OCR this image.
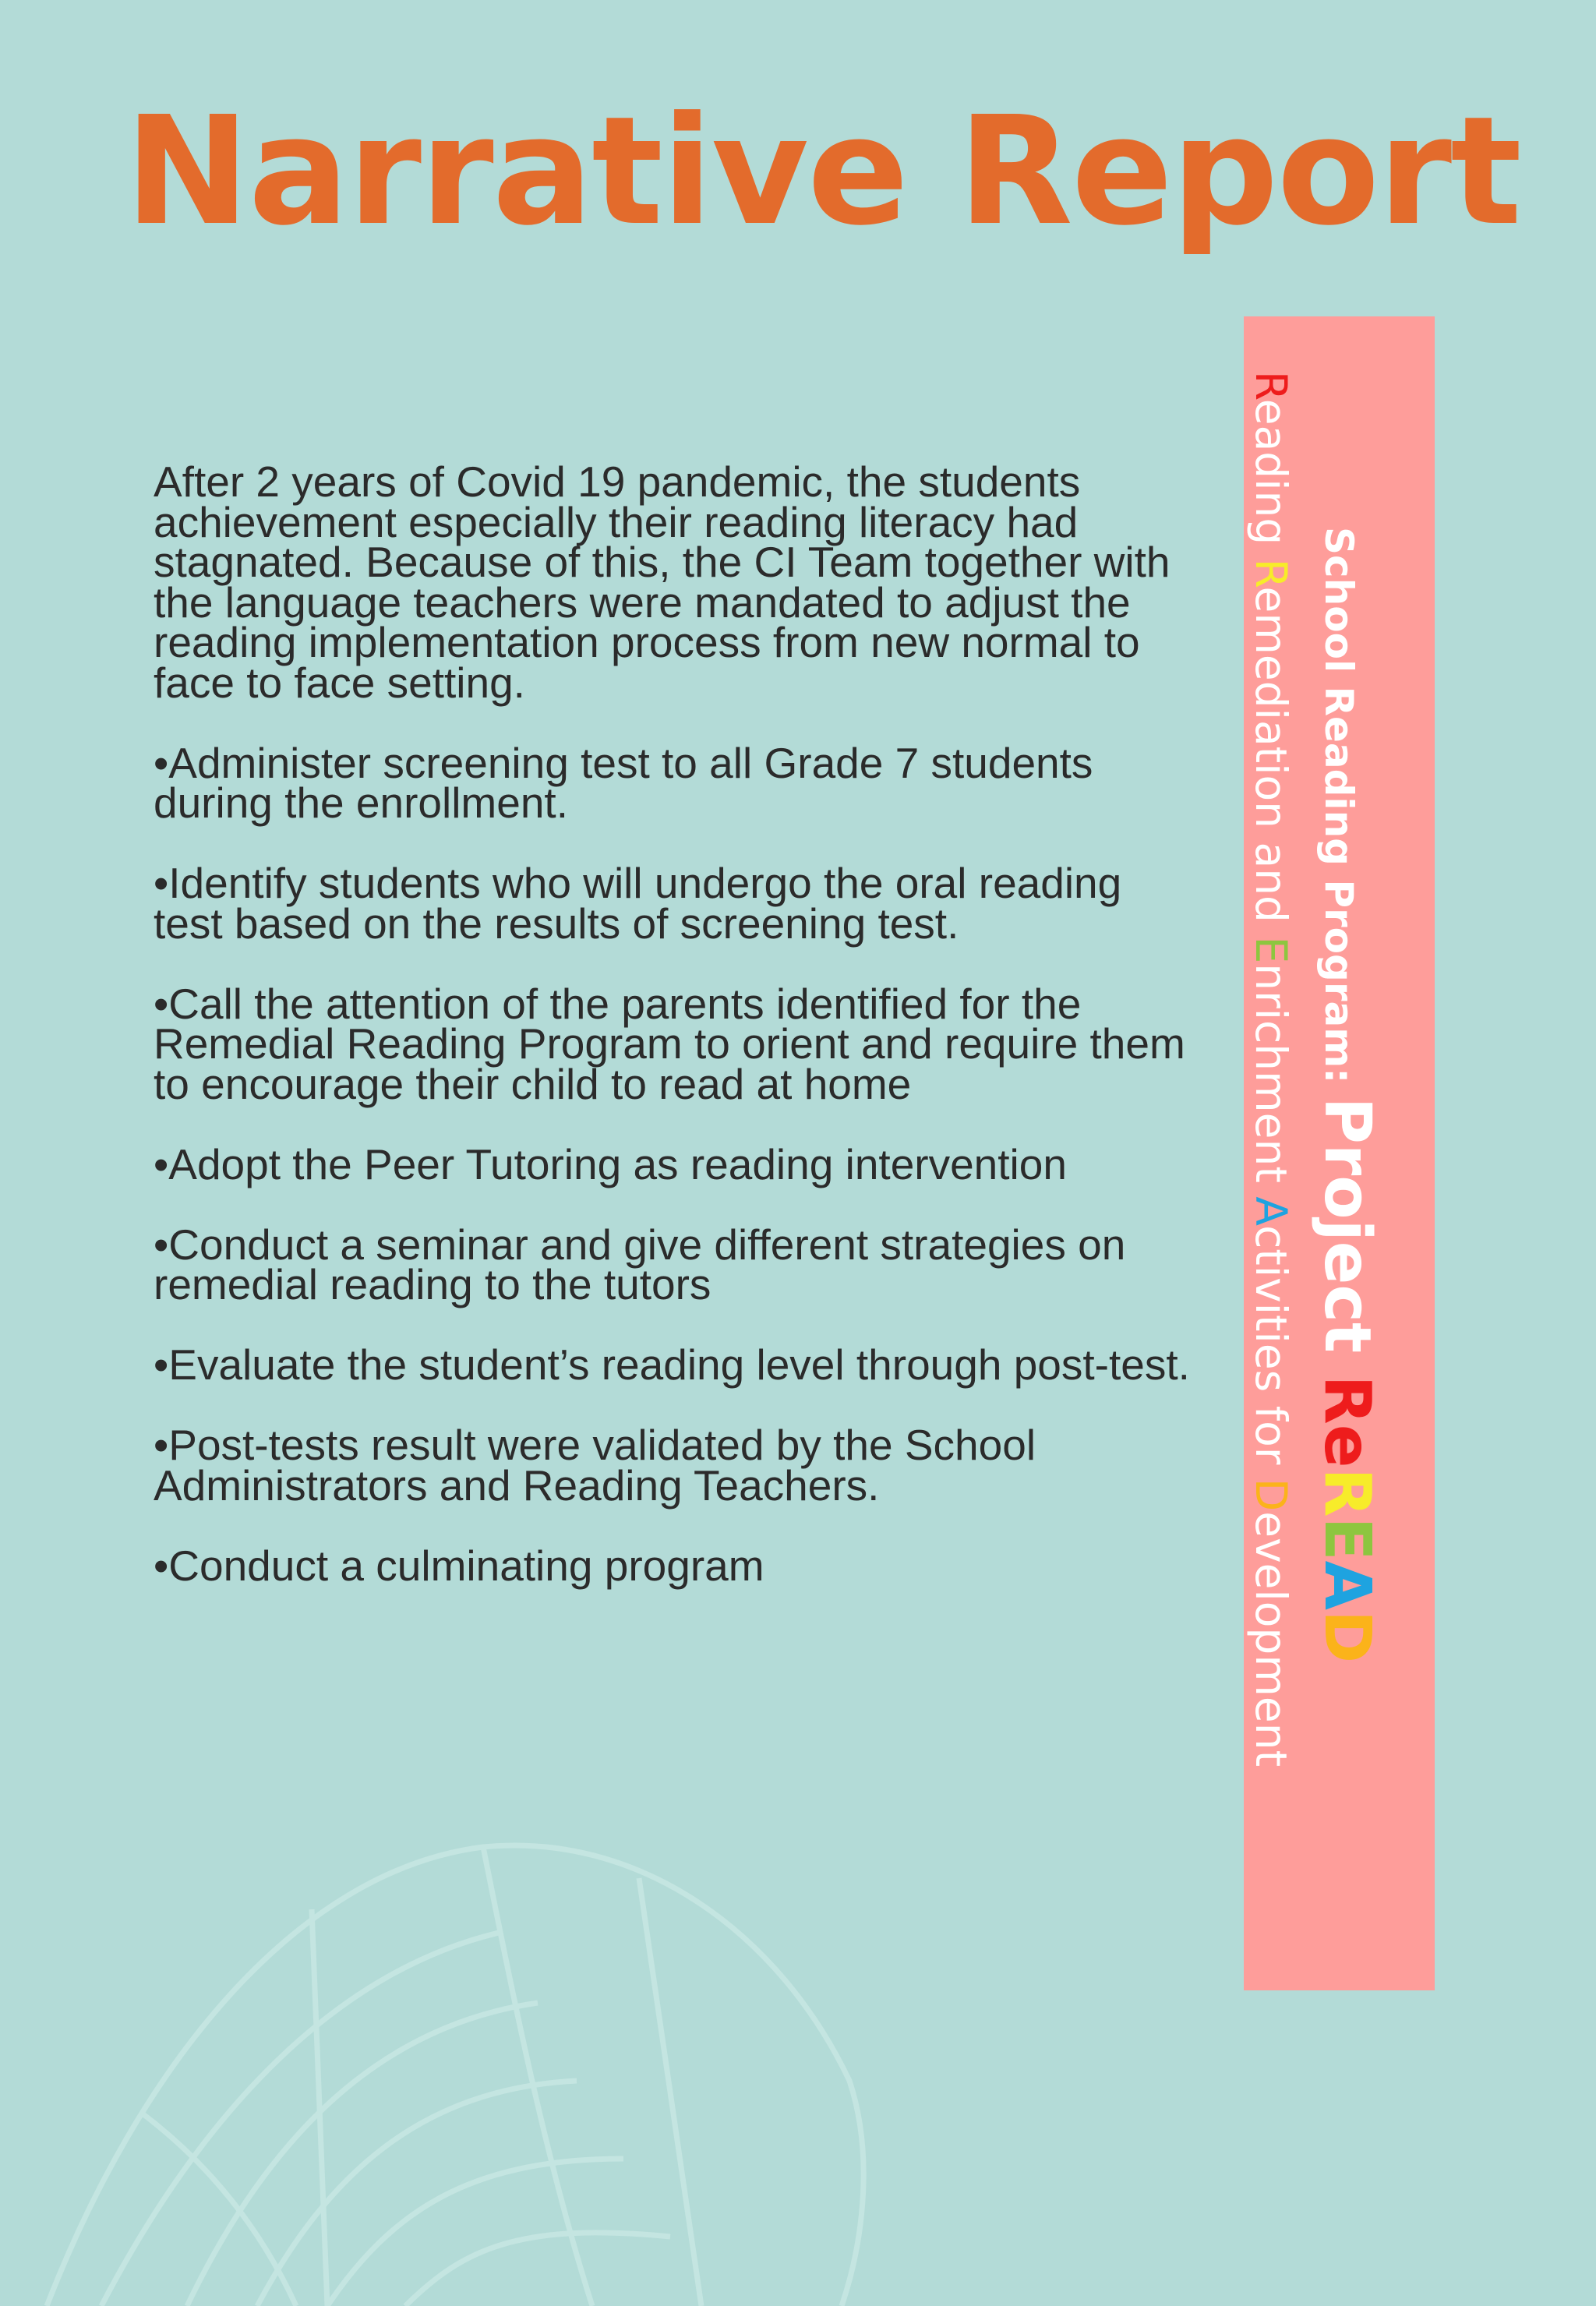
Narrative Report

After 2 years of Covid 19 pandemic, the students achievement especially their reading literacy had stagnated. Because of this, the CI Team together with the language teachers were mandated to adjust the reading implementation process from new normal to face to face setting.

•Administer screening test to all Grade 7 students during the enrollment.
•Identify students who will undergo the oral reading test based on the results of screening test.
•Call the attention of the parents identified for the Remedial Reading Program to orient and require them to encourage their child to read at home
•Adopt the Peer Tutoring as reading intervention
•Conduct a seminar and give different strategies on remedial reading to the tutors
•Evaluate the student’s reading level through post-test.
•Post-tests result were validated by the School Administrators and Reading Teachers.
•Conduct a culminating program
School Reading Program: Project ReREAD
Reading Remediation and Enrichment Activities for Development
